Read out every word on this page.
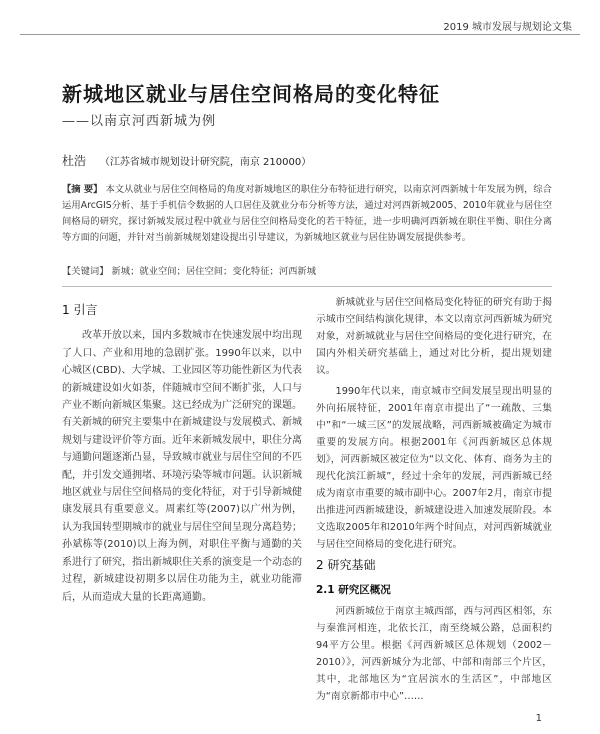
2019 城市发展与规划论文集
新城地区就业与居住空间格局的变化特征
——以南京河西新城为例
杜浩 （江苏省城市规划设计研究院，南京 210000）
【摘 要】 本文从就业与居住空间格局的角度对新城地区的职住分布特征进行研究，以南京河西新城十年发展为例，综合运用ArcGIS分析、基于手机信令数据的人口居住及就业分布分析等方法，通过对河西新城2005、2010年就业与居住空间格局的研究，探讨新城发展过程中就业与居住空间格局变化的若干特征，进一步明确河西新城在职住平衡、职住分离等方面的问题，并针对当前新城规划建设提出引导建议，为新城地区就业与居住协调发展提供参考。
【关键词】 新城；就业空间；居住空间；变化特征；河西新城
1 引言

改革开放以来，国内多数城市在快速发展中均出现了人口、产业和用地的急剧扩张。1990年以来，以中心城区(CBD)、大学城、工业园区等功能性新区为代表的新城建设如火如荼，伴随城市空间不断扩张，人口与产业不断向新城区集聚。这已经成为广泛研究的课题。有关新城的研究主要集中在新城建设与发展模式、新城规划与建设评价等方面。近年来新城发展中，职住分离与通勤问题逐渐凸显，导致城市就业与居住空间的不匹配，并引发交通拥堵、环境污染等城市问题。认识新城地区就业与居住空间格局的变化特征，对于引导新城健康发展具有重要意义。周素红等(2007)以广州为例，认为我国转型期城市的就业与居住空间呈现分离趋势；孙斌栋等(2010)以上海为例，对职住平衡与通勤的关系进行了研究，指出新城职住关系的演变是一个动态的过程，新城建设初期多以居住功能为主，就业功能滞后，从而造成大量的长距离通勤。

新城就业与居住空间格局变化特征的研究有助于揭示城市空间结构演化规律，本文以南京河西新城为研究对象，对新城就业与居住空间格局的变化进行研究，在国内外相关研究基础上，通过对比分析，提出规划建议。

1990年代以来，南京城市空间发展呈现出明显的外向拓展特征，2001年南京市提出了“一疏散、三集中”和“一城三区”的发展战略，河西新城被确定为城市重要的发展方向。根据2001年《河西新城区总体规划》，河西新城区被定位为“以文化、体育、商务为主的现代化滨江新城”，经过十余年的发展，河西新城已经成为南京市重要的城市副中心。2007年2月，南京市提出推进河西新城建设，新城建设进入加速发展阶段。本文选取2005年和2010年两个时间点，对河西新城就业与居住空间格局的变化进行研究。

2 研究基础
2.1 研究区概况

河西新城位于南京主城西部，西与河西区相邻，东与秦淮河相连，北依长江，南至绕城公路，总面积约94平方公里。根据《河西新城区总体规划（2002－2010）》，河西新城分为北部、中部和南部三个片区，其中，北部地区为“宜居滨水的生活区”，中部地区为“南京新都市中心”……

1
